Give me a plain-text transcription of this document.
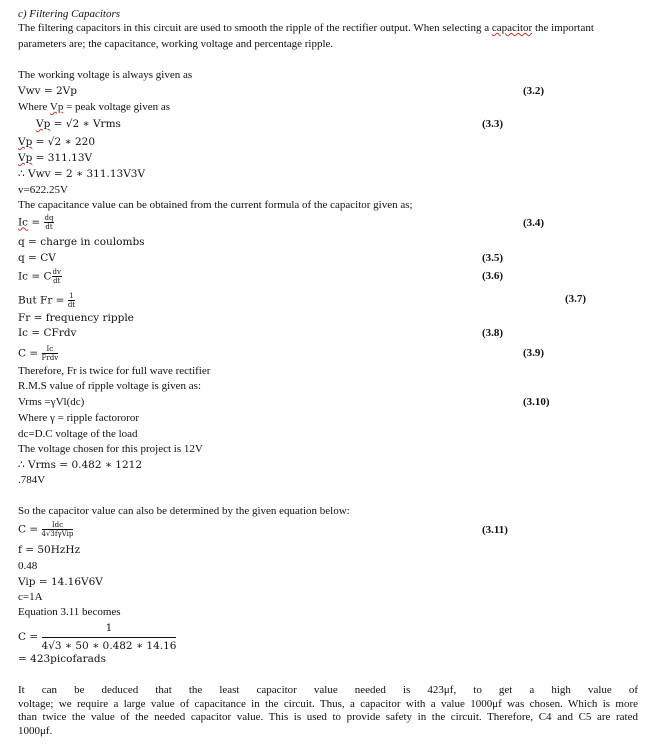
c) Filtering Capacitors
The filtering capacitors in this circuit are used to smooth the ripple of the rectifier output. When selecting a capacitor the important
parameters are; the capacitance, working voltage and percentage ripple.
The working voltage is always given as
Vwv = 2Vp	(3.2)
Where Vp = peak voltage given as
Vp = √2 ∗ Vrms	(3.3)
Vp = √2 ∗ 220
Vp = 311.13V
∴ Vwv = 2 ∗ 311.13V3V
v=622.25V
The capacitance value can be obtained from the current formula of the capacitor given as;
$Ic = \frac{dq}{dt}$	(3.4)
q = charge in coulombs
q = CV	(3.5)
Ic = C $\frac{dv}{dt}$	(3.6)
But $Fr = \frac{1}{dt}$	(3.7)
Fr = frequency ripple
Ic = CFrdv	(3.8)
$C = \frac{Ic}{\text{Frdv}}$	(3.9)
Therefore, Fr is twice for full wave rectifier
R.M.S value of ripple voltage is given as:
Vrms =γVl(dc)	(3.10)
Where γ = ripple factororor
dc=D.C voltage of the load
The voltage chosen for this project is 12V
∴ Vrms = 0.482 ∗ 1212
.784V
So the capacitor value can also be determined by the given equation below:
$C = \frac{\text{Idc}}{\text{4√3fγVip}}$	(3.11)
f = 50HzHz
0.48
Vip = 14.16V6V
c=1A
Equation 3.11 becomes
$C = \frac{1}{4√3 ∗ 50 ∗ 0.482 ∗ 14.16}$
= 423picofarads
It can be deduced that the least capacitor value needed is 423μf, to get a high value of
voltage; we require a large value of capacitance in the circuit. Thus, a capacitor with a value 1000μf was chosen. Which is more
than twice the value of the needed capacitor value. This is used to provide safety in the circuit. Therefore, C4 and C5 are rated
1000μf.
